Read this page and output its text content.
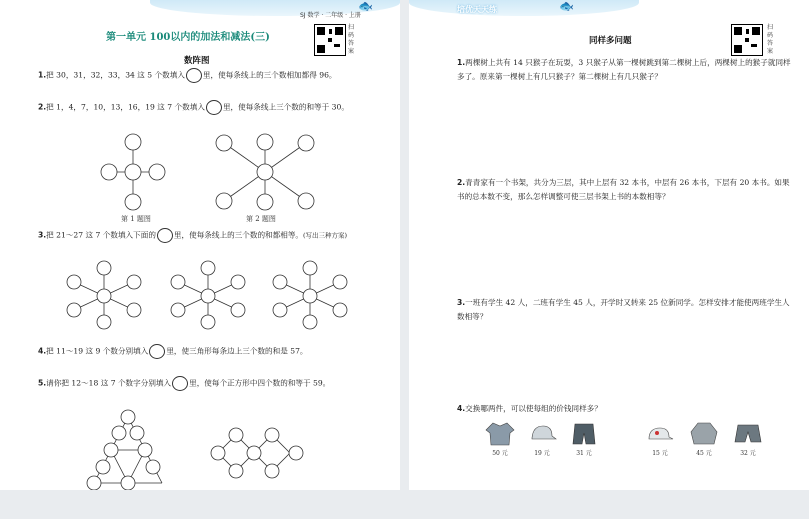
🐟
SJ 数学 · 二年级 · 上册
扫码答案
第一单元 100以内的加法和减法(三)
数阵图
1.把 30，31，32，33，34 这 5 个数填入 里，使每条线上的三个数相加都得 96。
2.把 1，4，7，10，13，16，19 这 7 个数填入 里，使每条线上三个数的和等于 30。
第 1 题图	第 2 题图
3.把 21～27 这 7 个数填入下面的 里，使每条线上的三个数的和都相等。(写出三种方案)
4.把 11～19 这 9 个数分别填入 里，使三角形每条边上三个数的和是 57。
5.请你把 12～18 这 7 个数字分别填入 里，使每个正方形中四个数的和等于 59。
培优天天练	🐟
扫码答案
同样多问题
1.两棵树上共有 14 只猴子在玩耍，3 只猴子从第一棵树跳到第二棵树上后，两棵树上的猴子就同样多了。原来第一棵树上有几只猴子？第二棵树上有几只猴子？
2.青青家有一个书架，共分为三层，其中上层有 32 本书，中层有 26 本书，下层有 20 本书。如果书的总本数不变，那么怎样调整可使三层书架上书的本数相等？
3.一班有学生 42 人，二班有学生 45 人，开学时又转来 25 位新同学。怎样安排才能使两班学生人数相等？
4.交换哪两件，可以使每组的价钱同样多？
50 元	19 元	31 元	15 元	45 元	32 元
